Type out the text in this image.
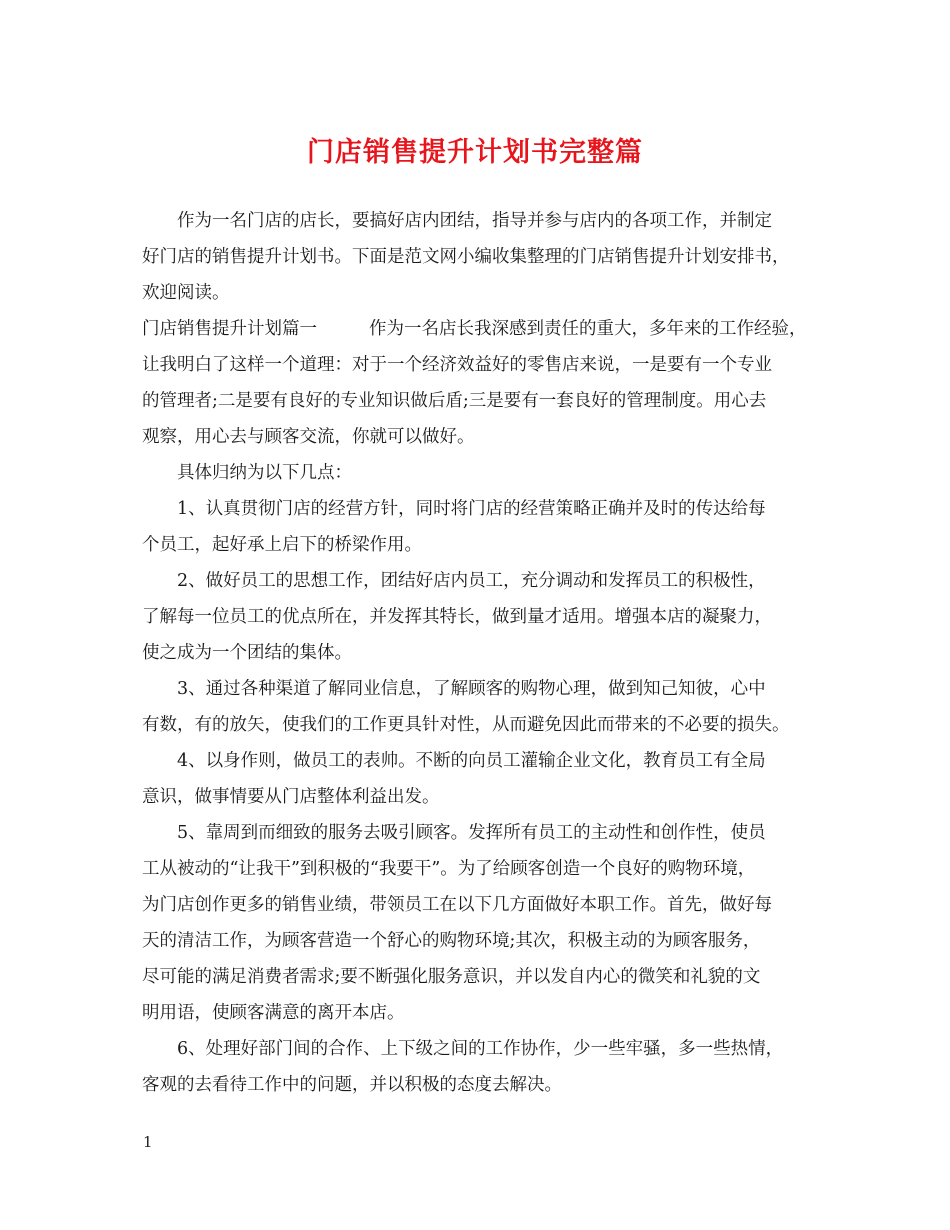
门店销售提升计划书完整篇
作为一名门店的店长，要搞好店内团结，指导并参与店内的各项工作，并制定
好门店的销售提升计划书。下面是范文网小编收集整理的门店销售提升计划安排书，
欢迎阅读。
门店销售提升计划篇一	作为一名店长我深感到责任的重大，多年来的工作经验，
让我明白了这样一个道理：对于一个经济效益好的零售店来说，一是要有一个专业
的管理者;二是要有良好的专业知识做后盾;三是要有一套良好的管理制度。用心去
观察，用心去与顾客交流，你就可以做好。
具体归纳为以下几点：
1、认真贯彻门店的经营方针，同时将门店的经营策略正确并及时的传达给每
个员工，起好承上启下的桥梁作用。
2、做好员工的思想工作，团结好店内员工，充分调动和发挥员工的积极性，
了解每一位员工的优点所在，并发挥其特长，做到量才适用。增强本店的凝聚力，
使之成为一个团结的集体。
3、通过各种渠道了解同业信息，了解顾客的购物心理，做到知己知彼，心中
有数，有的放矢，使我们的工作更具针对性，从而避免因此而带来的不必要的损失。
4、以身作则，做员工的表帅。不断的向员工灌输企业文化，教育员工有全局
意识，做事情要从门店整体利益出发。
5、靠周到而细致的服务去吸引顾客。发挥所有员工的主动性和创作性，使员
工从被动的“让我干”到积极的“我要干”。为了给顾客创造一个良好的购物环境，
为门店创作更多的销售业绩，带领员工在以下几方面做好本职工作。首先，做好每
天的清洁工作，为顾客营造一个舒心的购物环境;其次，积极主动的为顾客服务，
尽可能的满足消费者需求;要不断强化服务意识，并以发自内心的微笑和礼貌的文
明用语，使顾客满意的离开本店。
6、处理好部门间的合作、上下级之间的工作协作，少一些牢骚，多一些热情，
客观的去看待工作中的问题，并以积极的态度去解决。
1
